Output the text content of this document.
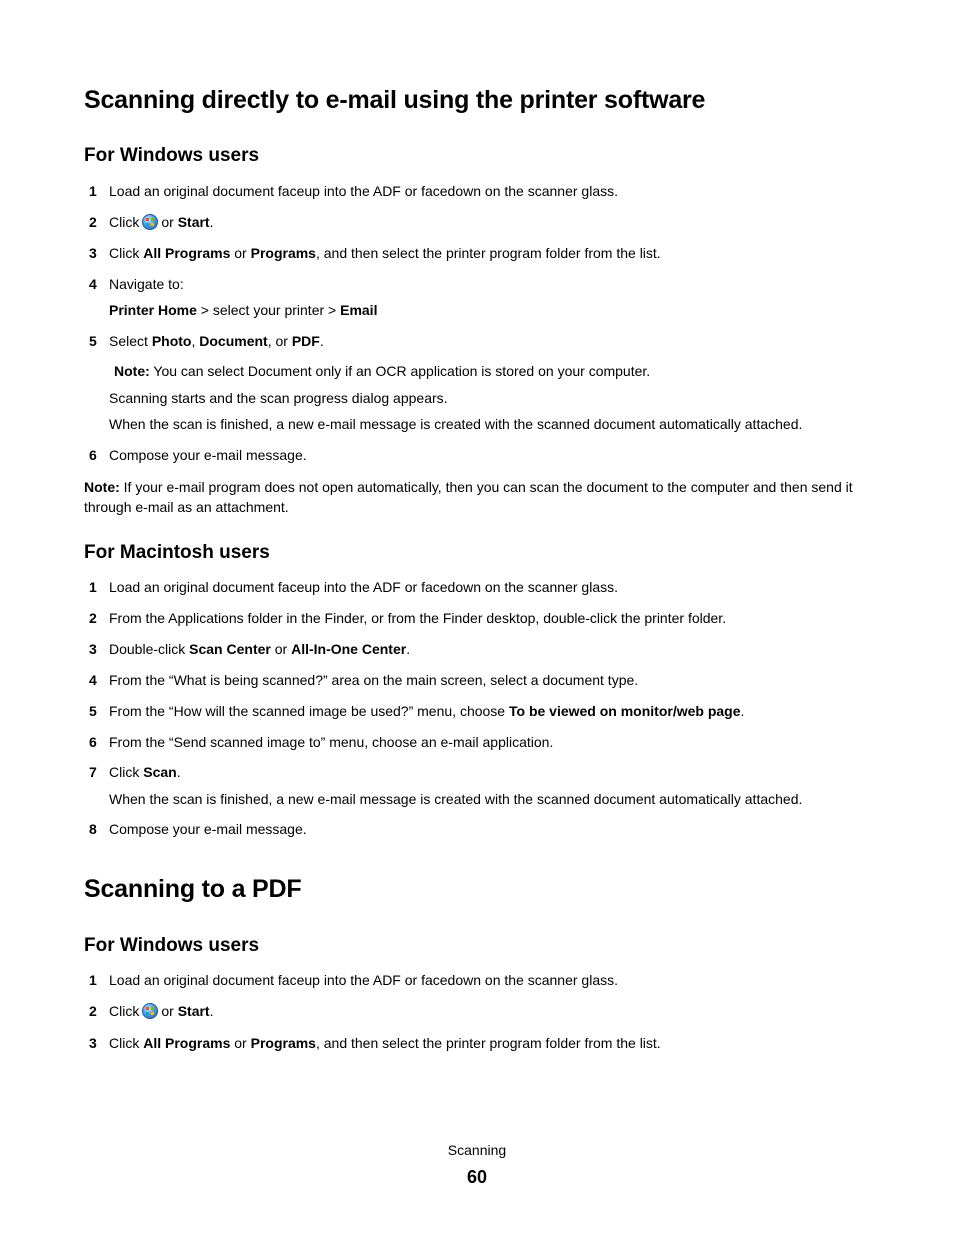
Scanning directly to e-mail using the printer software
For Windows users
1 Load an original document faceup into the ADF or facedown on the scanner glass.
2 Click or Start.
3 Click All Programs or Programs, and then select the printer program folder from the list.
4 Navigate to:
Printer Home > select your printer > Email
5 Select Photo, Document, or PDF.
Note: You can select Document only if an OCR application is stored on your computer.
Scanning starts and the scan progress dialog appears.
When the scan is finished, a new e-mail message is created with the scanned document automatically attached.
6 Compose your e-mail message.
Note: If your e-mail program does not open automatically, then you can scan the document to the computer and then send it through e-mail as an attachment.
For Macintosh users
1 Load an original document faceup into the ADF or facedown on the scanner glass.
2 From the Applications folder in the Finder, or from the Finder desktop, double-click the printer folder.
3 Double-click Scan Center or All-In-One Center.
4 From the “What is being scanned?” area on the main screen, select a document type.
5 From the “How will the scanned image be used?” menu, choose To be viewed on monitor/web page.
6 From the “Send scanned image to” menu, choose an e-mail application.
7 Click Scan.
When the scan is finished, a new e-mail message is created with the scanned document automatically attached.
8 Compose your e-mail message.
Scanning to a PDF
For Windows users
1 Load an original document faceup into the ADF or facedown on the scanner glass.
2 Click or Start.
3 Click All Programs or Programs, and then select the printer program folder from the list.
Scanning
60
